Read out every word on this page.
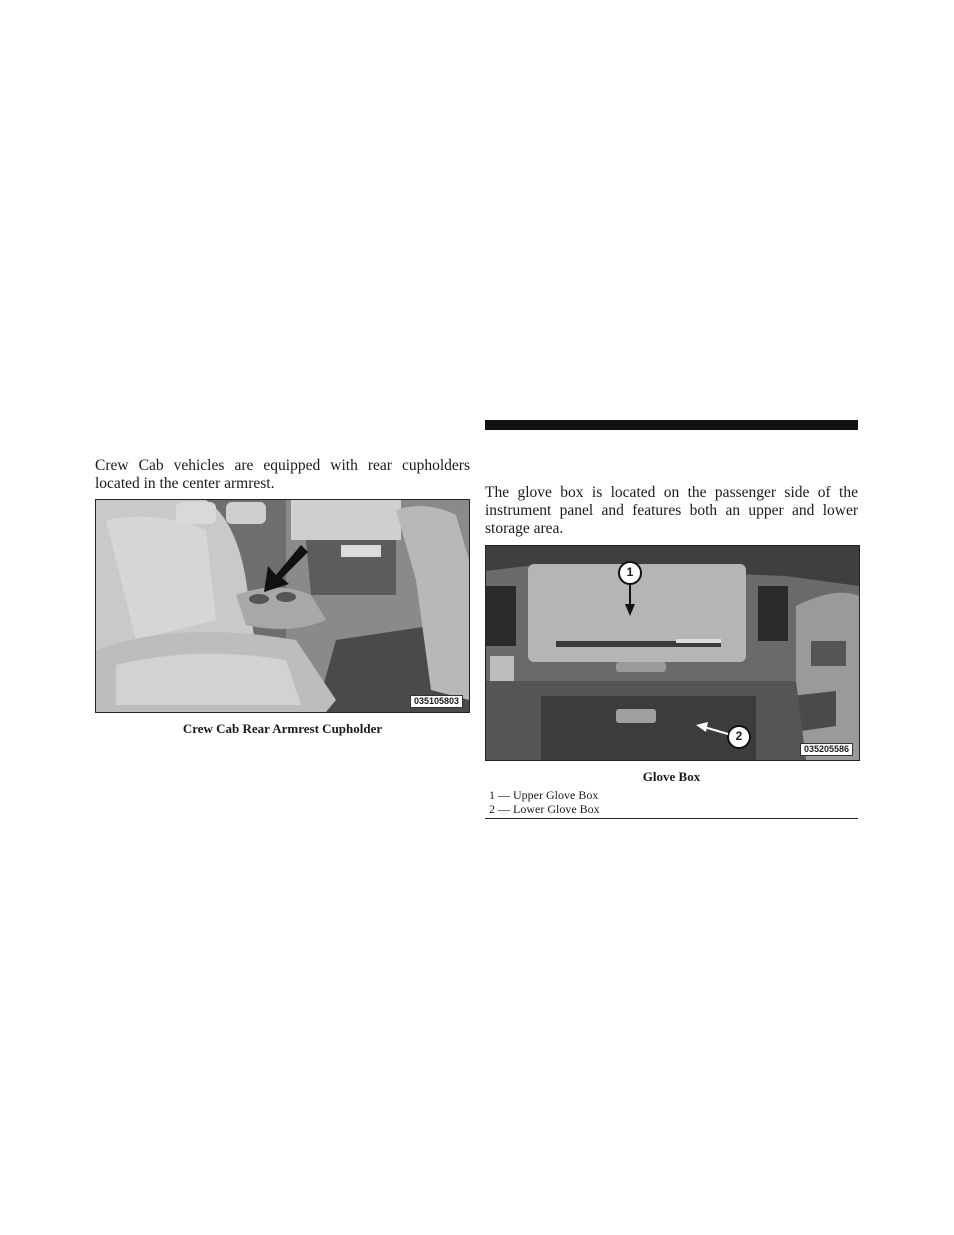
Crew Cab vehicles are equipped with rear cupholders located in the center armrest.

035105803
Crew Cab Rear Armrest Cupholder

The glove box is located on the passenger side of the instrument panel and features both an upper and lower storage area.

1
2
035205586
Glove Box
1 — Upper Glove Box
2 — Lower Glove Box
